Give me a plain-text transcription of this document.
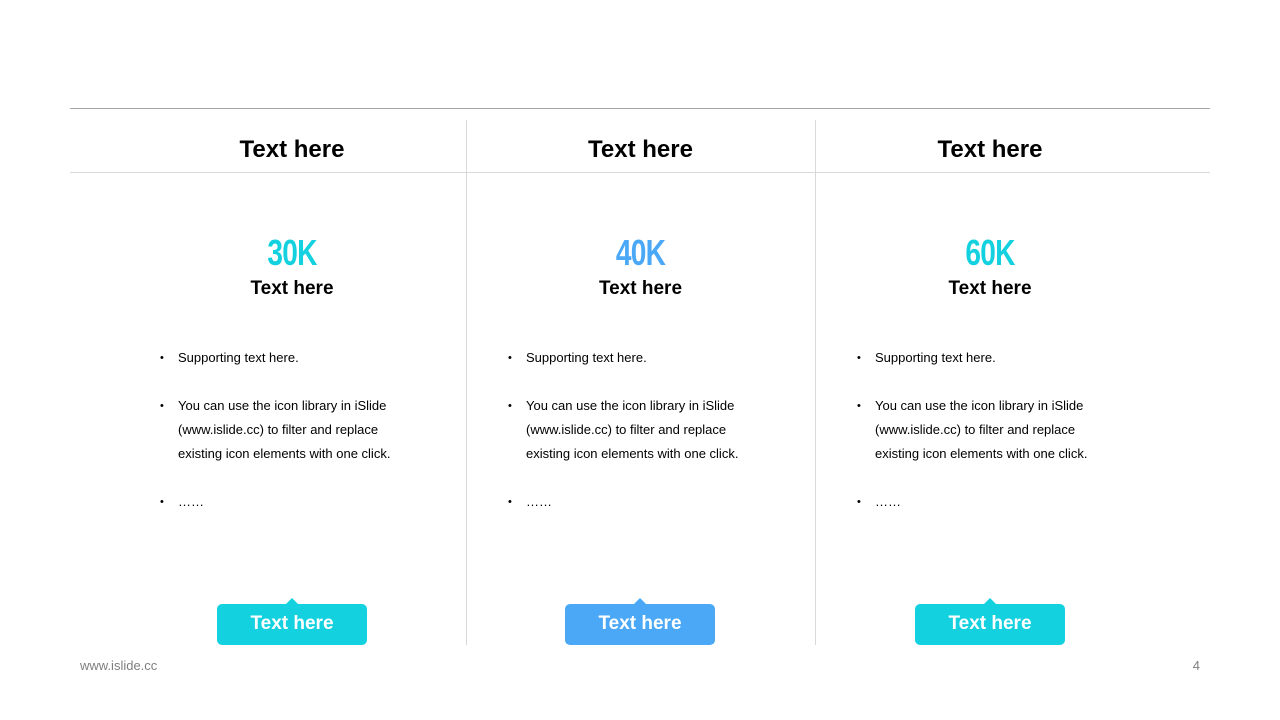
Text here
30K
Text here
• Supporting text here.
• You can use the icon library in iSlide (www.islide.cc) to filter and replace existing icon elements with one click.
• ……
Text here
Text here
40K
Text here
• Supporting text here.
• You can use the icon library in iSlide (www.islide.cc) to filter and replace existing icon elements with one click.
• ……
Text here
Text here
60K
Text here
• Supporting text here.
• You can use the icon library in iSlide (www.islide.cc) to filter and replace existing icon elements with one click.
• ……
Text here
www.islide.cc	4
